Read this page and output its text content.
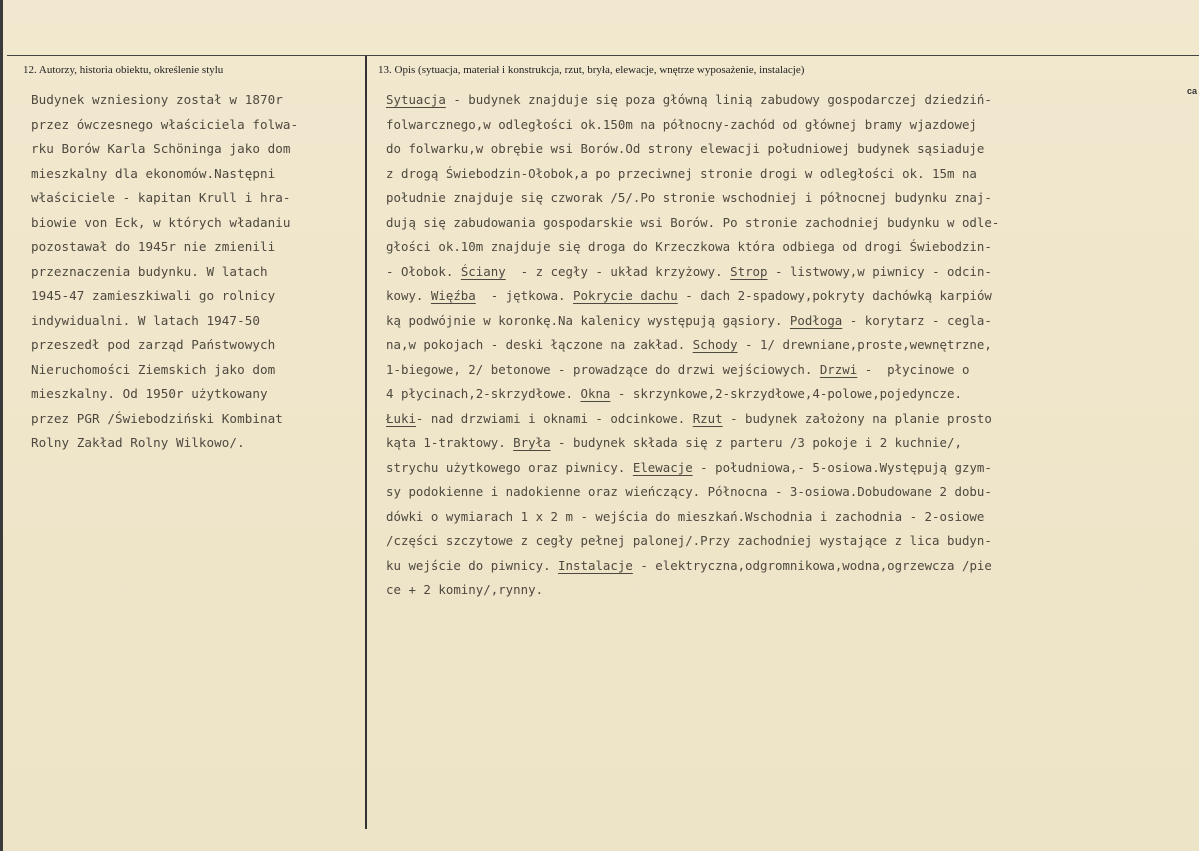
12. Autorzy, historia obiektu, określenie stylu	13. Opis (sytuacja, materiał i konstrukcja, rzut, bryła, elewacje, wnętrze wyposażenie, instalacje)
ca
Budynek wzniesiony został w 1870r
przez ówczesnego właściciela folwa-
rku Borów Karla Schöninga jako dom
mieszkalny dla ekonomów.Następni
właściciele - kapitan Krull i hra-
biowie von Eck, w których władaniu
pozostawał do 1945r nie zmienili
przeznaczenia budynku. W latach
1945-47 zamieszkiwali go rolnicy
indywidualni. W latach 1947-50
przeszedł pod zarząd Państwowych
Nieruchomości Ziemskich jako dom
mieszkalny. Od 1950r użytkowany
przez PGR /Świebodziński Kombinat
Rolny Zakład Rolny Wilkowo/.
Sytuacja - budynek znajduje się poza główną linią zabudowy gospodarczej dziedziń-
folwarcznego,w odległości ok.150m na północny-zachód od głównej bramy wjazdowej
do folwarku,w obrębie wsi Borów.Od strony elewacji południowej budynek sąsiaduje
z drogą Świebodzin-Ołobok,a po przeciwnej stronie drogi w odległości ok. 15m na
południe znajduje się czworak /5/.Po stronie wschodniej i północnej budynku znaj-
dują się zabudowania gospodarskie wsi Borów. Po stronie zachodniej budynku w odle-
głości ok.10m znajduje się droga do Krzeczkowa która odbiega od drogi Świebodzin-
- Ołobok. Ściany  - z cegły - układ krzyżowy. Strop - listwowy,w piwnicy - odcin-
kowy. Więźba  - jętkowa. Pokrycie dachu - dach 2-spadowy,pokryty dachówką karpiów
ką podwójnie w koronkę.Na kalenicy występują gąsiory. Podłoga - korytarz - cegla-
na,w pokojach - deski łączone na zakład. Schody - 1/ drewniane,proste,wewnętrzne,
1-biegowe, 2/ betonowe - prowadzące do drzwi wejściowych. Drzwi -  płycinowe o
4 płycinach,2-skrzydłowe. Okna - skrzynkowe,2-skrzydłowe,4-polowe,pojedyncze.
Łuki- nad drzwiami i oknami - odcinkowe. Rzut - budynek założony na planie prosto
kąta 1-traktowy. Bryła - budynek składa się z parteru /3 pokoje i 2 kuchnie/,
strychu użytkowego oraz piwnicy. Elewacje - południowa,- 5-osiowa.Występują gzym-
sy podokienne i nadokienne oraz wieńczący. Północna - 3-osiowa.Dobudowane 2 dobu-
dówki o wymiarach 1 x 2 m - wejścia do mieszkań.Wschodnia i zachodnia - 2-osiowe
/części szczytowe z cegły pełnej palonej/.Przy zachodniej wystające z lica budyn-
ku wejście do piwnicy. Instalacje - elektryczna,odgromnikowa,wodna,ogrzewcza /pie
ce + 2 kominy/,rynny.
